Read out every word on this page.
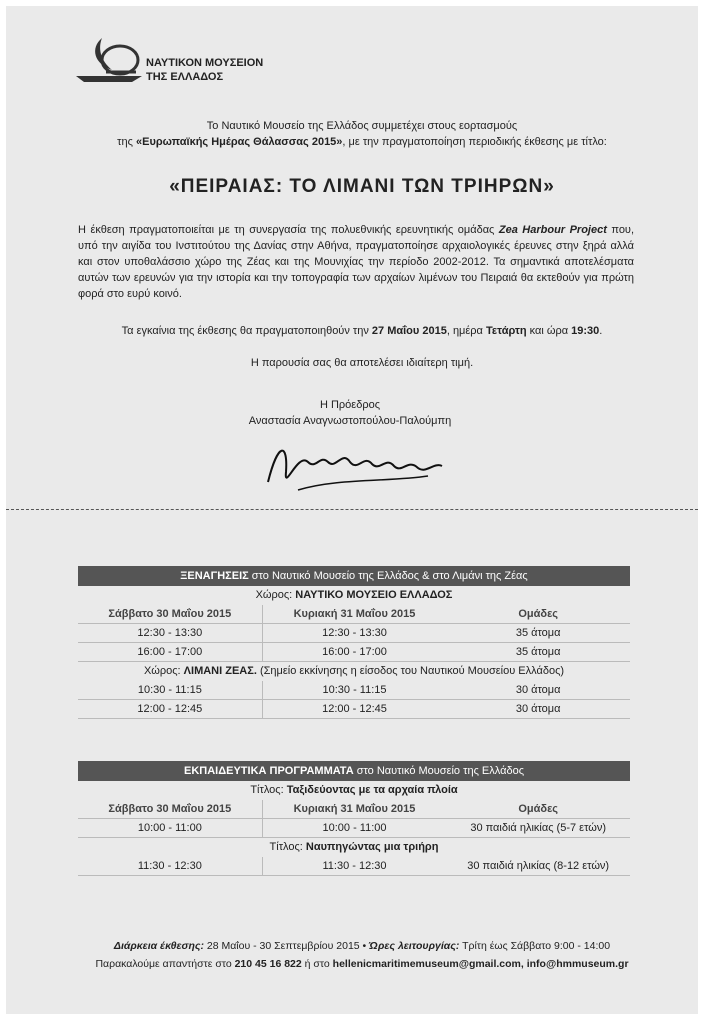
ΝΑΥΤΙΚΟΝ ΜΟΥΣΕΙΟΝ
ΤΗΣ ΕΛΛΑΔΟΣ
Το Ναυτικό Μουσείο της Ελλάδος συμμετέχει στους εορτασμούς
της «Ευρωπαϊκής Ημέρας Θάλασσας 2015», με την πραγματοποίηση περιοδικής έκθεσης με τίτλο:
«ΠΕΙΡΑΙΑΣ: ΤΟ ΛΙΜΑΝΙ ΤΩΝ ΤΡΙΗΡΩΝ»
Η έκθεση πραγματοποιείται με τη συνεργασία της πολυεθνικής ερευνητικής ομάδας Zea Harbour Project που, υπό την αιγίδα του Ινστιτούτου της Δανίας στην Αθήνα, πραγματοποίησε αρχαιολογικές έρευνες στην ξηρά αλλά και στον υποθαλάσσιο χώρο της Ζέας και της Μουνιχίας την περίοδο 2002-2012. Τα σημαντικά αποτελέσματα αυτών των ερευνών για την ιστορία και την τοπογραφία των αρχαίων λιμένων του Πειραιά θα εκτεθούν για πρώτη φορά στο ευρύ κοινό.
Τα εγκαίνια της έκθεσης θα πραγματοποιηθούν την 27 Μαΐου 2015, ημέρα Τετάρτη και ώρα 19:30.
Η παρουσία σας θα αποτελέσει ιδιαίτερη τιμή.
Η Πρόεδρος
Αναστασία Αναγνωστοπούλου-Παλούμπη
ΞΕΝΑΓΗΣΕΙΣ στο Ναυτικό Μουσείο της Ελλάδος & στο Λιμάνι της Ζέας
Χώρος: ΝΑΥΤΙΚΟ ΜΟΥΣΕΙΟ ΕΛΛΑΔΟΣ
Σάββατο 30 Μαΐου 2015	Κυριακή 31 Μαΐου 2015	Ομάδες
12:30 - 13:30	12:30 - 13:30	35 άτομα
16:00 - 17:00	16:00 - 17:00	35 άτομα
Χώρος: ΛΙΜΑΝΙ ΖΕΑΣ. (Σημείο εκκίνησης η είσοδος του Ναυτικού Μουσείου Ελλάδος)
10:30 - 11:15	10:30 - 11:15	30 άτομα
12:00 - 12:45	12:00 - 12:45	30 άτομα
ΕΚΠΑΙΔΕΥΤΙΚΑ ΠΡΟΓΡΑΜΜΑΤΑ στο Ναυτικό Μουσείο της Ελλάδος
Τίτλος: Ταξιδεύοντας με τα αρχαία πλοία
Σάββατο 30 Μαΐου 2015	Κυριακή 31 Μαΐου 2015	Ομάδες
10:00 - 11:00	10:00 - 11:00	30 παιδιά ηλικίας (5-7 ετών)
Τίτλος: Ναυπηγώντας μια τριήρη
11:30 - 12:30	11:30 - 12:30	30 παιδιά ηλικίας (8-12 ετών)
Διάρκεια έκθεσης: 28 Μαΐου - 30 Σεπτεμβρίου 2015 • Ώρες λειτουργίας: Τρίτη έως Σάββατο 9:00 - 14:00
Παρακαλούμε απαντήστε στο 210 45 16 822 ή στο hellenicmaritimemuseum@gmail.com, info@hmmuseum.gr
